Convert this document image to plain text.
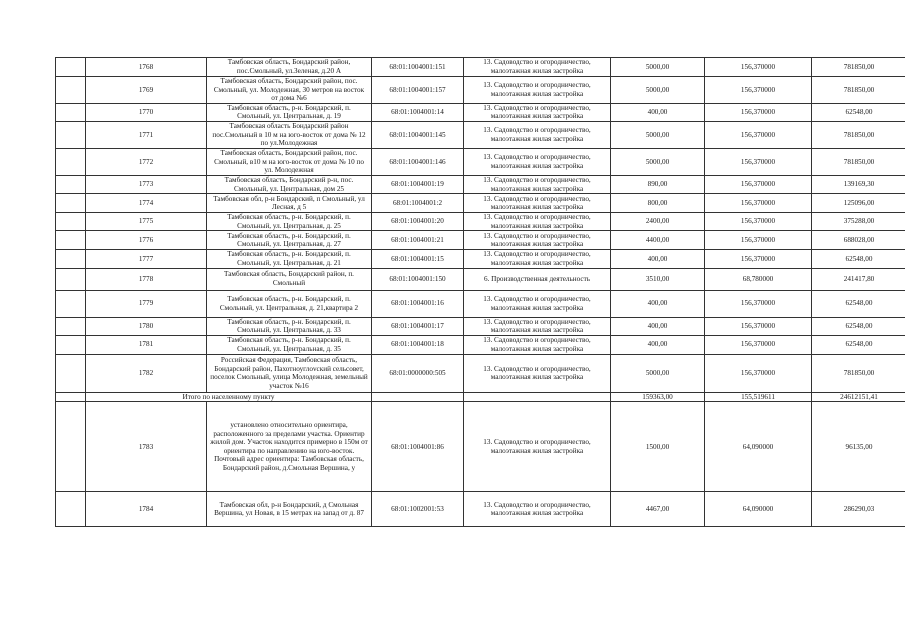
	1768	Тамбовская область, Бондарский район, пос.Смольный, ул.Зеленая, д.20 А	68:01:1004001:151	13. Садоводство и огородничество, малоэтажная жилая застройка	5000,00	156,370000	781850,00
	1769	Тамбовская область, Бондарский район, пос. Смольный, ул. Молодежная, 30 метров на восток от дома №6	68:01:1004001:157	13. Садоводство и огородничество, малоэтажная жилая застройка	5000,00	156,370000	781850,00
	1770	Тамбовская область, р-н. Бондарский, п. Смольный, ул. Центральная, д. 19	68:01:1004001:14	13. Садоводство и огородничество, малоэтажная жилая застройка	400,00	156,370000	62548,00
	1771	Тамбовская область Бондарский район пос.Смольный в 10 м на юго-восток от дома № 12 по ул.Молодежная	68:01:1004001:145	13. Садоводство и огородничество, малоэтажная жилая застройка	5000,00	156,370000	781850,00
	1772	Тамбовская область, Бондарский район, пос. Смольный, в10 м на юго-восток от дома № 10 по ул. Молодежная	68:01:1004001:146	13. Садоводство и огородничество, малоэтажная жилая застройка	5000,00	156,370000	781850,00
	1773	Тамбовская область, Бондарский р-н, пос. Смольный, ул. Центральная, дом 25	68:01:1004001:19	13. Садоводство и огородничество, малоэтажная жилая застройка	890,00	156,370000	139169,30
	1774	Тамбовская обл, р-н Бондарский, п Смольный, ул Лесная, д 5	68:01:1004001:2	13. Садоводство и огородничество, малоэтажная жилая застройка	800,00	156,370000	125096,00
	1775	Тамбовская область, р-н. Бондарский, п. Смольный, ул. Центральная, д. 25	68:01:1004001:20	13. Садоводство и огородничество, малоэтажная жилая застройка	2400,00	156,370000	375288,00
	1776	Тамбовская область, р-н. Бондарский, п. Смольный, ул. Центральная, д. 27	68:01:1004001:21	13. Садоводство и огородничество, малоэтажная жилая застройка	4400,00	156,370000	688028,00
	1777	Тамбовская область, р-н. Бондарский, п. Смольный, ул. Центральная, д. 21	68:01:1004001:15	13. Садоводство и огородничество, малоэтажная жилая застройка	400,00	156,370000	62548,00
	1778	Тамбовская область, Бондарский район, п. Смольный	68:01:1004001:150	6. Производственная деятельность	3510,00	68,780000	241417,80
	1779	Тамбовская область, р-н. Бондарский, п. Смольный, ул. Центральная, д. 21,квартира 2	68:01:1004001:16	13. Садоводство и огородничество, малоэтажная жилая застройка	400,00	156,370000	62548,00
	1780	Тамбовская область, р-н. Бондарский, п. Смольный, ул. Центральная, д. 33	68:01:1004001:17	13. Садоводство и огородничество, малоэтажная жилая застройка	400,00	156,370000	62548,00
	1781	Тамбовская область, р-н. Бондарский, п. Смольный, ул. Центральная, д. 35	68:01:1004001:18	13. Садоводство и огородничество, малоэтажная жилая застройка	400,00	156,370000	62548,00
	1782	Российская Федерация, Тамбовская область, Бондарский район, Пахотноуглovский сельсовет, поселок Смольный, улица Молодежная, земельный участок №16	68:01:0000000:505	13. Садоводство и огородничество, малоэтажная жилая застройка	5000,00	156,370000	781850,00
	Итого по населенному пункту				159363,00	155,519611	24612151,41
	1783	установлено относительно ориентира, расположенного за пределами участка. Ориентир жилой дом. Участок находится примерно в 150м от ориентира по направлению на юго-восток. Почтовый адрес ориентира: Тамбовская область, Бондарский район, д.Смольная Вершина, у	68:01:1004001:86	13. Садоводство и огородничество, малоэтажная жилая застройка	1500,00	64,090000	96135,00
	1784	Тамбовская обл, р-н Бондарский, д Смольная Вершина, ул Новая, в 15 метрах на запад от д. 87	68:01:1002001:53	13. Садоводство и огородничество, малоэтажная жилая застройка	4467,00	64,090000	286290,03
